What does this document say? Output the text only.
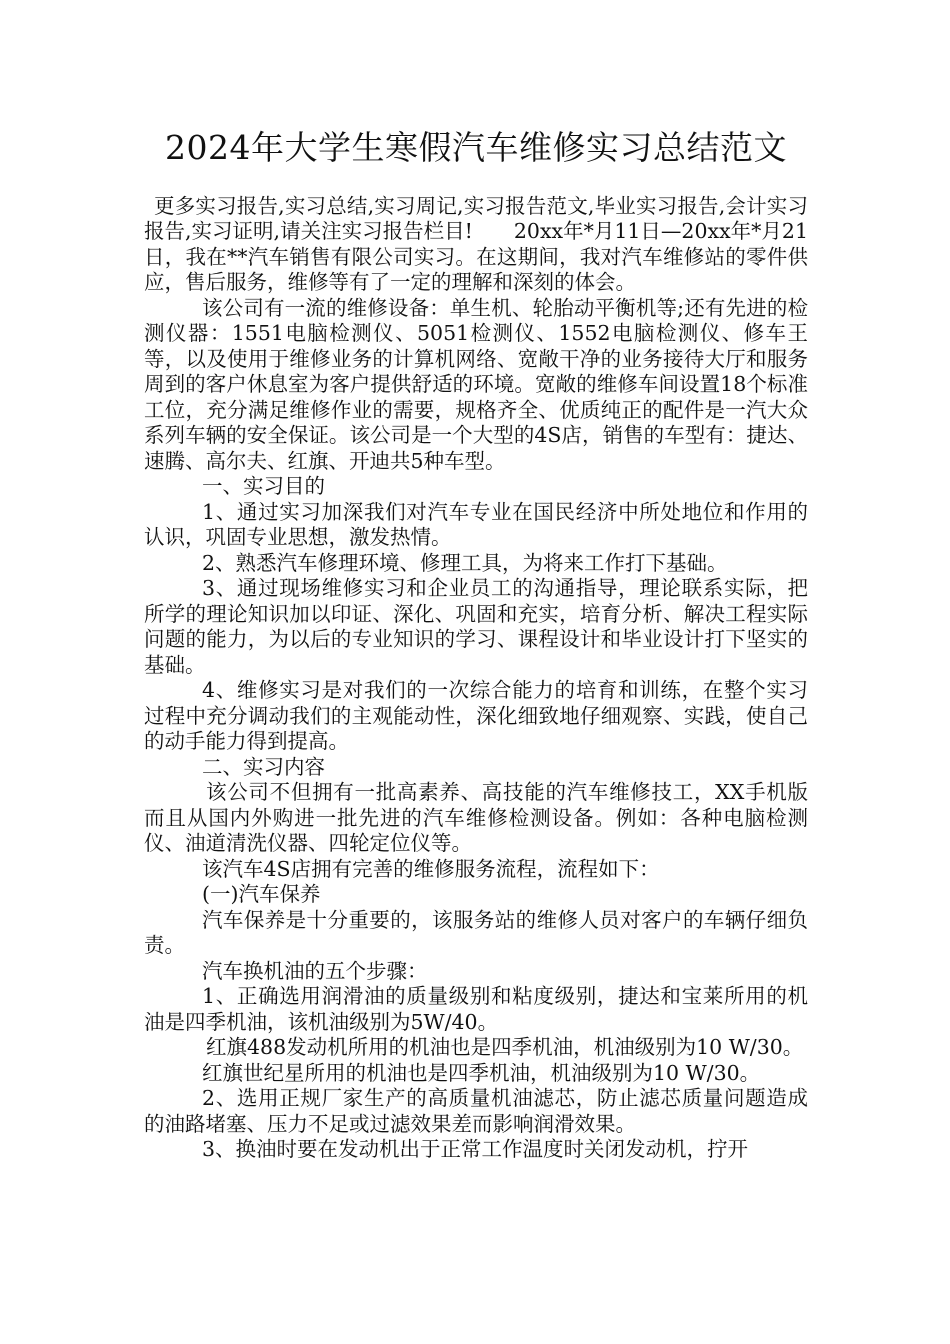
2024年大学生寒假汽车维修实习总结范文

更多实习报告,实习总结,实习周记,实习报告范文,毕业实习报告,会计实习报告,实习证明,请关注实习报告栏目!　　20xx年*月11日—20xx年*月21日，我在**汽车销售有限公司实习。在这期间，我对汽车维修站的零件供应，售后服务，维修等有了一定的理解和深刻的体会。

该公司有一流的维修设备：单生机、轮胎动平衡机等;还有先进的检测仪器：1551电脑检测仪、5051检测仪、1552电脑检测仪、修车王等，以及使用于维修业务的计算机网络、宽敞干净的业务接待大厅和服务周到的客户休息室为客户提供舒适的环境。宽敞的维修车间设置18个标准工位，充分满足维修作业的需要，规格齐全、优质纯正的配件是一汽大众系列车辆的安全保证。该公司是一个大型的4S店，销售的车型有：捷达、速腾、高尔夫、红旗、开迪共5种车型。

一、实习目的

1、通过实习加深我们对汽车专业在国民经济中所处地位和作用的认识，巩固专业思想，激发热情。

2、熟悉汽车修理环境、修理工具，为将来工作打下基础。

3、通过现场维修实习和企业员工的沟通指导，理论联系实际，把所学的理论知识加以印证、深化、巩固和充实，培育分析、解决工程实际问题的能力，为以后的专业知识的学习、课程设计和毕业设计打下坚实的基础。

4、维修实习是对我们的一次综合能力的培育和训练，在整个实习过程中充分调动我们的主观能动性，深化细致地仔细观察、实践，使自己的动手能力得到提高。

二、实习内容

该公司不但拥有一批高素养、高技能的汽车维修技工，XX手机版而且从国内外购进一批先进的汽车维修检测设备。例如：各种电脑检测仪、油道清洗仪器、四轮定位仪等。

该汽车4S店拥有完善的维修服务流程，流程如下：

(一)汽车保养

汽车保养是十分重要的，该服务站的维修人员对客户的车辆仔细负责。

汽车换机油的五个步骤：

1、正确选用润滑油的质量级别和粘度级别，捷达和宝莱所用的机油是四季机油，该机油级别为5W/40。

红旗488发动机所用的机油也是四季机油，机油级别为10 W/30。

红旗世纪星所用的机油也是四季机油，机油级别为10 W/30。

2、选用正规厂家生产的高质量机油滤芯，防止滤芯质量问题造成的油路堵塞、压力不足或过滤效果差而影响润滑效果。

3、换油时要在发动机出于正常工作温度时关闭发动机，拧开
